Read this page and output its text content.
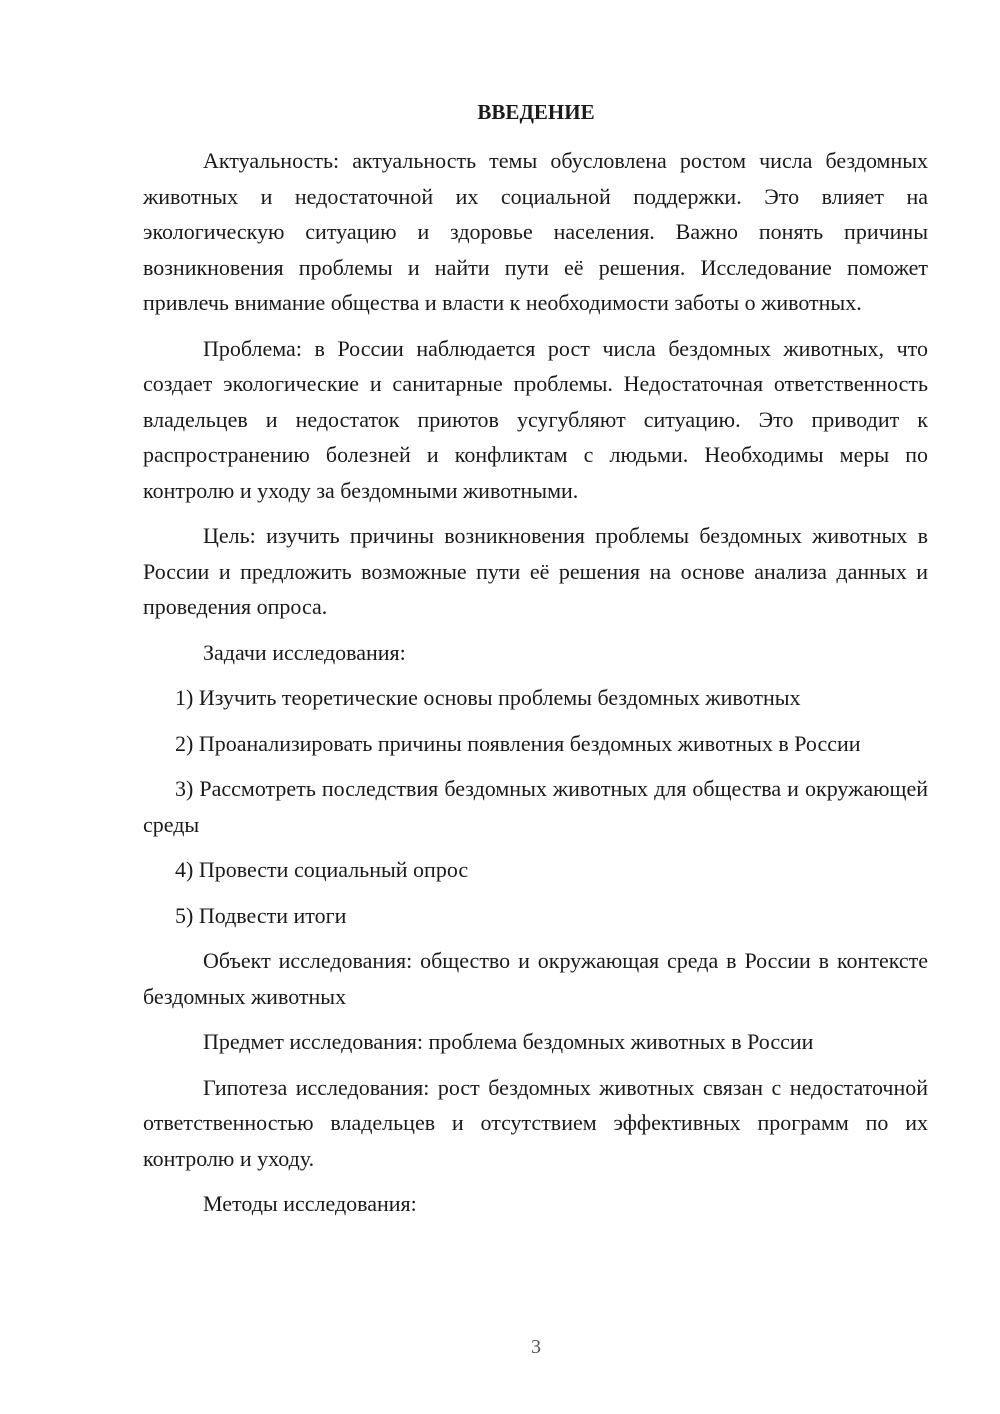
ВВЕДЕНИЕ

Актуальность: актуальность темы обусловлена ростом числа бездомных животных и недостаточной их социальной поддержки. Это влияет на экологическую ситуацию и здоровье населения. Важно понять причины возникновения проблемы и найти пути её решения. Исследование поможет привлечь внимание общества и власти к необходимости заботы о животных.

Проблема: в России наблюдается рост числа бездомных животных, что создает экологические и санитарные проблемы. Недостаточная ответственность владельцев и недостаток приютов усугубляют ситуацию. Это приводит к распространению болезней и конфликтам с людьми. Необходимы меры по контролю и уходу за бездомными животными.

Цель: изучить причины возникновения проблемы бездомных животных в России и предложить возможные пути её решения на основе анализа данных и проведения опроса.

Задачи исследования:

1) Изучить теоретические основы проблемы бездомных животных

2) Проанализировать причины появления бездомных животных в России

3) Рассмотреть последствия бездомных животных для общества и окружающей среды

4) Провести социальный опрос

5) Подвести итоги

Объект исследования: общество и окружающая среда в России в контексте бездомных животных

Предмет исследования: проблема бездомных животных в России

Гипотеза исследования: рост бездомных животных связан с недостаточной ответственностью владельцев и отсутствием эффективных программ по их контролю и уходу.

Методы исследования:

3
